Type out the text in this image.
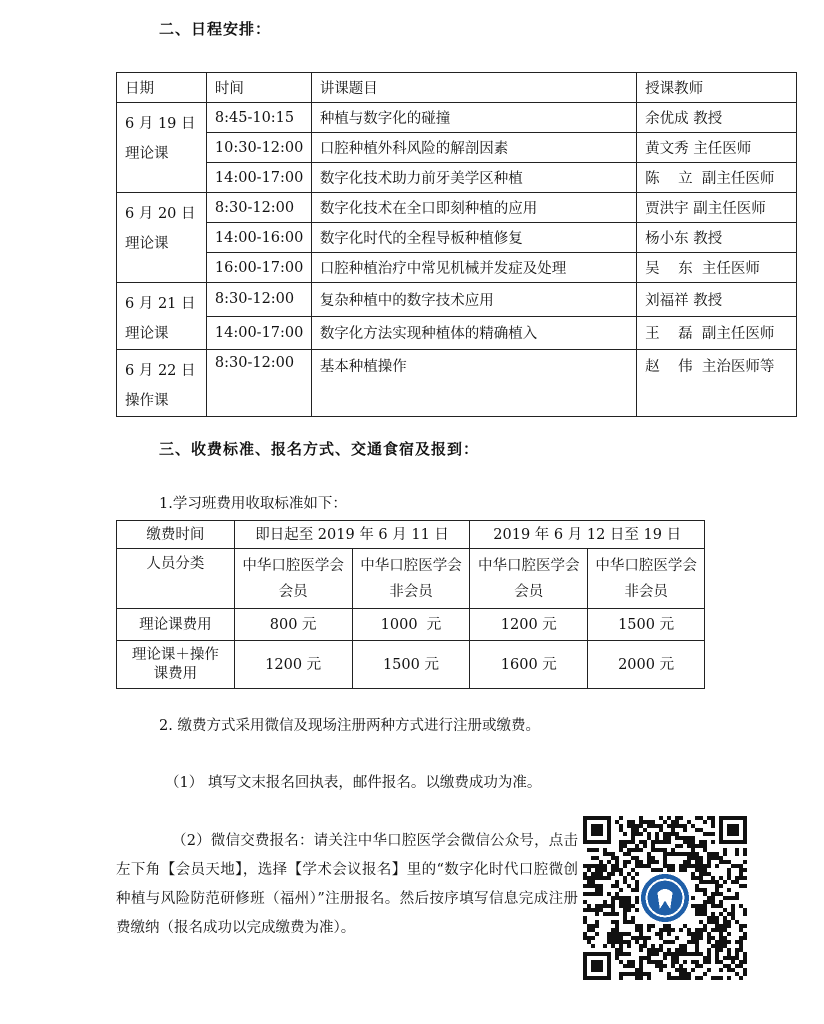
二、日程安排：
日期	时间	讲课题目	授课教师

6 月 19 日
理论课	8:45-10:15	种植与数字化的碰撞	余优成 教授
	10:30-12:00	口腔种植外科风险的解剖因素	黄文秀 主任医师
	14:00-17:00	数字化技术助力前牙美学区种植	陈    立  副主任医师

6 月 20 日
理论课	8:30-12:00	数字化技术在全口即刻种植的应用	贾洪宇 副主任医师
	14:00-16:00	数字化时代的全程导板种植修复	杨小东 教授
	16:00-17:00	口腔种植治疗中常见机械并发症及处理	吴    东  主任医师

6 月 21 日
理论课	8:30-12:00	复杂种植中的数字技术应用	刘福祥 教授
	14:00-17:00	数字化方法实现种植体的精确植入	王    磊  副主任医师

6 月 22 日
操作课	8:30-12:00	基本种植操作	赵    伟  主治医师等
三、收费标准、报名方式、交通食宿及报到：
1.学习班费用收取标准如下：
缴费时间	即日起至 2019 年 6 月 11 日		2019 年 6 月 12 日至 19 日	
人员分类	中华口腔医学会会员	中华口腔医学会非会员	中华口腔医学会会员	中华口腔医学会非会员
理论课费用	800 元	1000  元	1200 元	1500 元
理论课＋操作课费用	1200 元	1500 元	1600 元	2000 元
2. 缴费方式采用微信及现场注册两种方式进行注册或缴费。
（1） 填写文末报名回执表，邮件报名。以缴费成功为准。
（2）微信交费报名：请关注中华口腔医学会微信公众号，点击左下角【会员天地】，选择【学术会议报名】里的“数字化时代口腔微创种植与风险防范研修班（福州）”注册报名。然后按序填写信息完成注册费缴纳（报名成功以完成缴费为准）。
